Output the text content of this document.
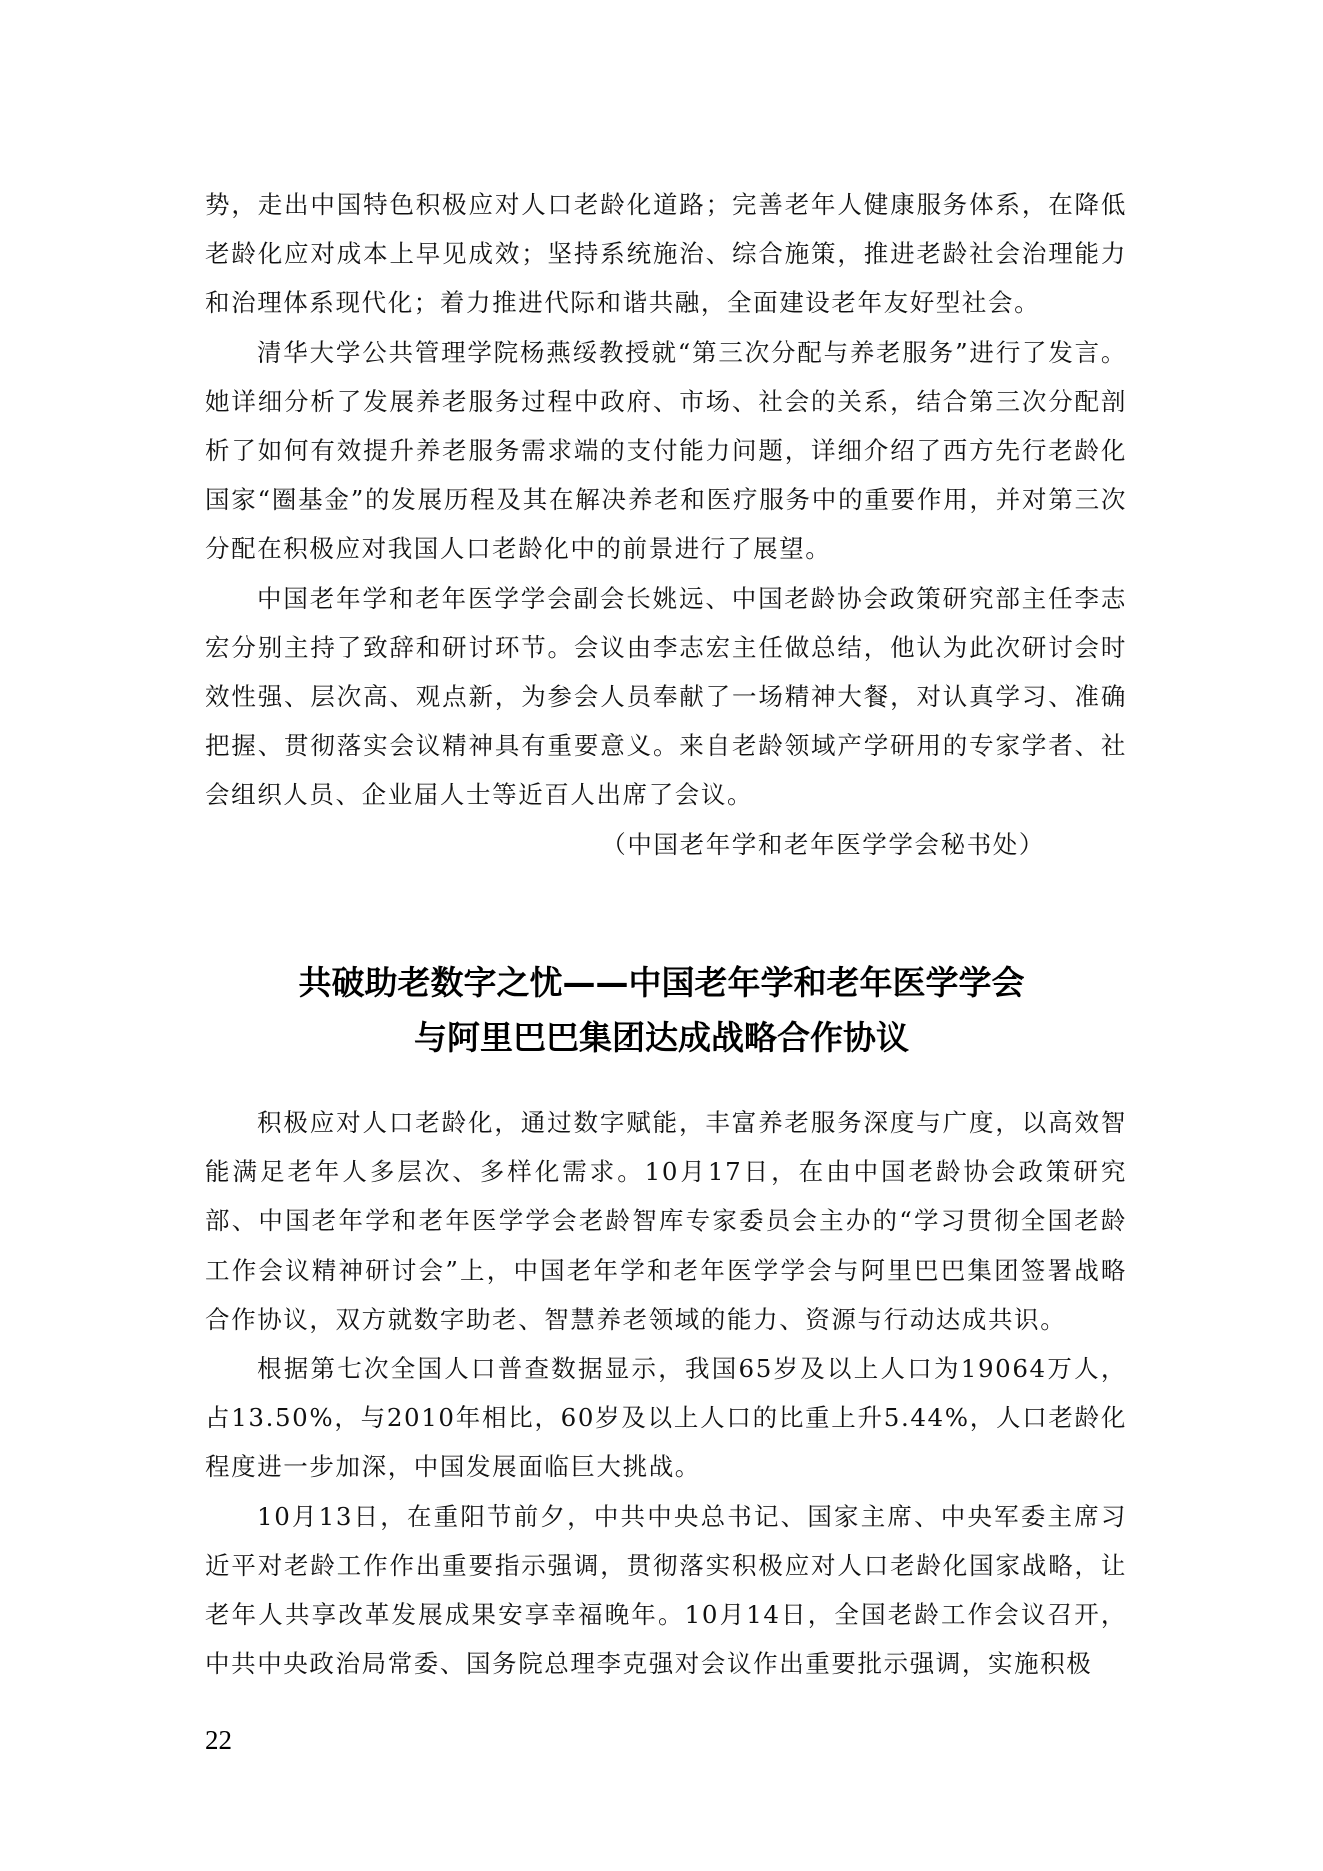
势，走出中国特色积极应对人口老龄化道路；完善老年人健康服务体系，在降低老龄化应对成本上早见成效；坚持系统施治、综合施策，推进老龄社会治理能力和治理体系现代化；着力推进代际和谐共融，全面建设老年友好型社会。

清华大学公共管理学院杨燕绥教授就“第三次分配与养老服务”进行了发言。她详细分析了发展养老服务过程中政府、市场、社会的关系，结合第三次分配剖析了如何有效提升养老服务需求端的支付能力问题，详细介绍了西方先行老龄化国家“圈基金”的发展历程及其在解决养老和医疗服务中的重要作用，并对第三次分配在积极应对我国人口老龄化中的前景进行了展望。

中国老年学和老年医学学会副会长姚远、中国老龄协会政策研究部主任李志宏分别主持了致辞和研讨环节。会议由李志宏主任做总结，他认为此次研讨会时效性强、层次高、观点新，为参会人员奉献了一场精神大餐，对认真学习、准确把握、贯彻落实会议精神具有重要意义。来自老龄领域产学研用的专家学者、社会组织人员、企业届人士等近百人出席了会议。

（中国老年学和老年医学学会秘书处）

共破助老数字之忧——中国老年学和老年医学学会
与阿里巴巴集团达成战略合作协议

积极应对人口老龄化，通过数字赋能，丰富养老服务深度与广度，以高效智能满足老年人多层次、多样化需求。10月17日，在由中国老龄协会政策研究部、中国老年学和老年医学学会老龄智库专家委员会主办的“学习贯彻全国老龄工作会议精神研讨会”上，中国老年学和老年医学学会与阿里巴巴集团签署战略合作协议，双方就数字助老、智慧养老领域的能力、资源与行动达成共识。

根据第七次全国人口普查数据显示，我国65岁及以上人口为19064万人，占13.50%，与2010年相比，60岁及以上人口的比重上升5.44%，人口老龄化程度进一步加深，中国发展面临巨大挑战。

10月13日，在重阳节前夕，中共中央总书记、国家主席、中央军委主席习近平对老龄工作作出重要指示强调，贯彻落实积极应对人口老龄化国家战略，让老年人共享改革发展成果安享幸福晚年。10月14日，全国老龄工作会议召开，中共中央政治局常委、国务院总理李克强对会议作出重要批示强调，实施积极

22
